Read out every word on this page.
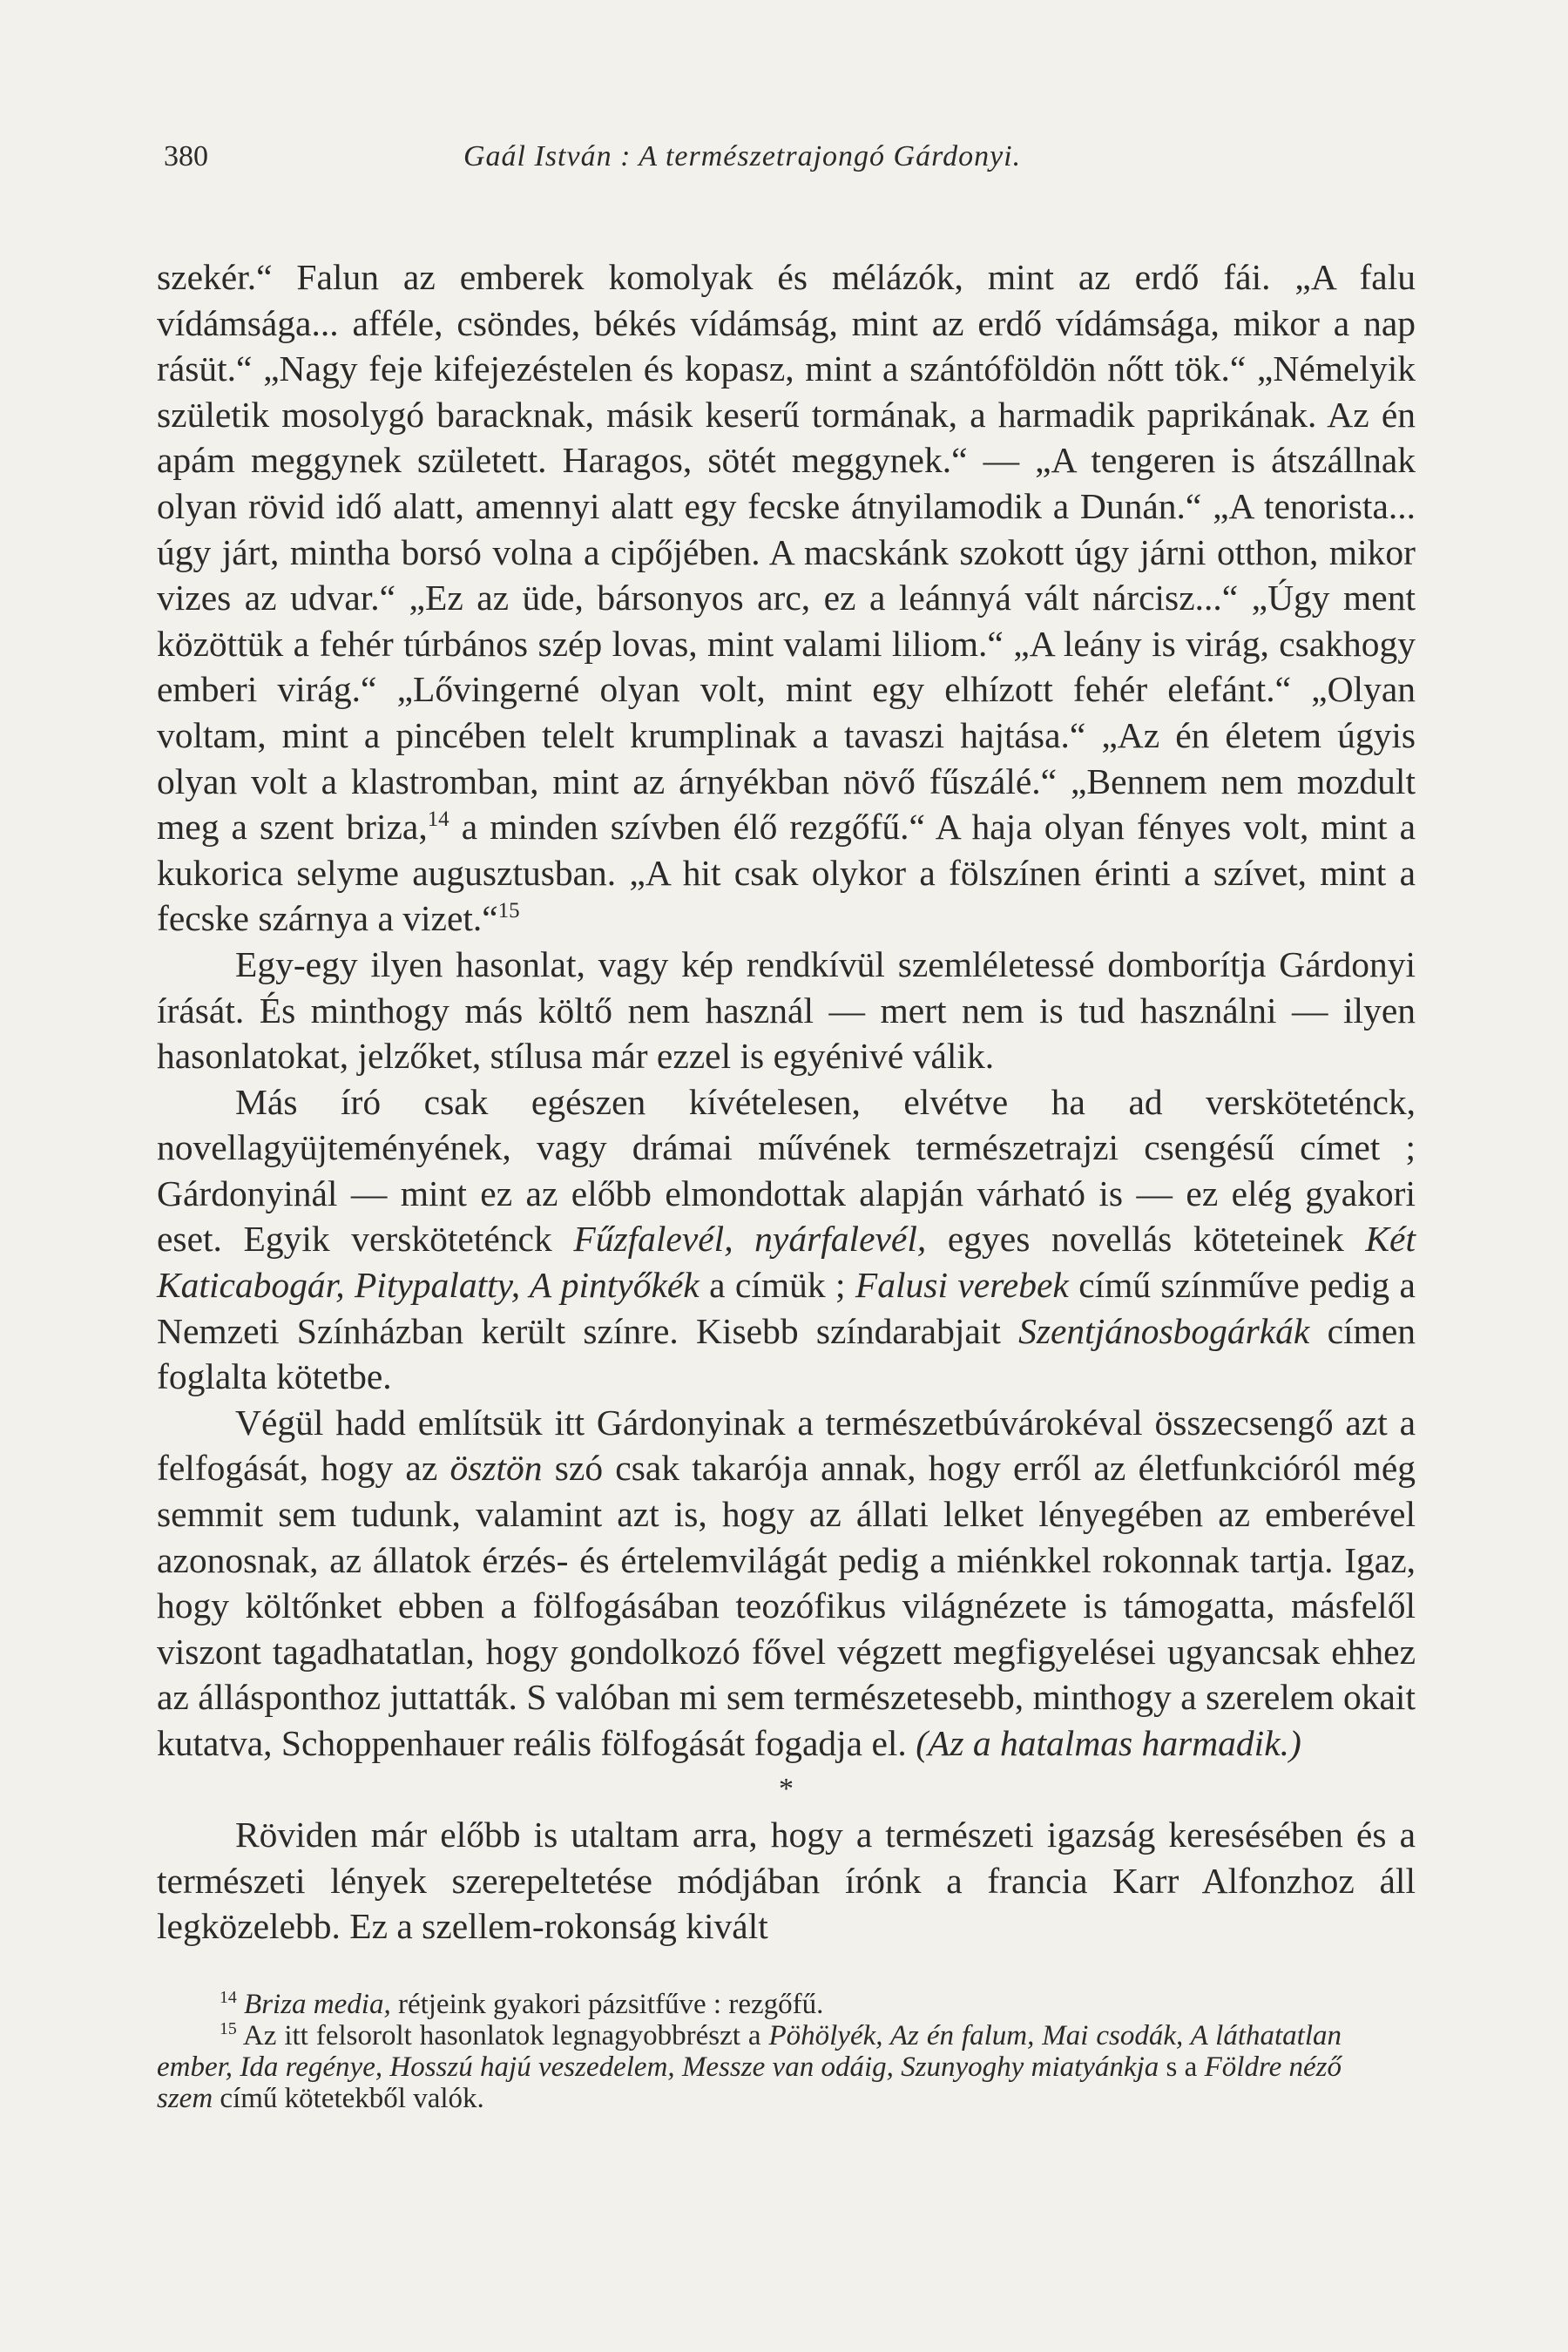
380	Gaál István : A természetrajongó Gárdonyi.

szekér.“ Falun az emberek komolyak és mélázók, mint az erdő fái. „A falu vídámsága... afféle, csöndes, békés vídámság, mint az erdő vídámsága, mikor a nap rásüt.“ „Nagy feje kifejezéstelen és kopasz, mint a szántóföldön nőtt tök.“ „Némelyik születik mosolygó baracknak, másik keserű tormának, a harmadik paprikának. Az én apám meggynek született. Haragos, sötét meggynek.“ — „A tengeren is átszállnak olyan rövid idő alatt, amennyi alatt egy fecske átnyilamodik a Dunán.“ „A tenorista... úgy járt, mintha borsó volna a cipőjében. A macskánk szokott úgy járni otthon, mikor vizes az udvar.“ „Ez az üde, bársonyos arc, ez a leánnyá vált nárcisz...“ „Úgy ment közöttük a fehér túrbános szép lovas, mint valami liliom.“ „A leány is virág, csakhogy emberi virág.“ „Lővingerné olyan volt, mint egy elhízott fehér elefánt.“ „Olyan voltam, mint a pincében telelt krumplinak a tavaszi hajtása.“ „Az én életem úgyis olyan volt a klastromban, mint az árnyékban növő fűszálé.“ „Bennem nem mozdult meg a szent briza,$^{14}$ a minden szívben élő rezgőfű.“ A haja olyan fényes volt, mint a kukorica selyme augusztusban. „A hit csak olykor a fölszínen érinti a szívet, mint a fecske szárnya a vizet.“$^{15}$

Egy-egy ilyen hasonlat, vagy kép rendkívül szemléletessé domborítja Gárdonyi írását. És minthogy más költő nem használ — mert nem is tud használni — ilyen hasonlatokat, jelzőket, stílusa már ezzel is egyénivé válik.

Más író csak egészen kívételesen, elvétve ha ad versköteténck, novellagyüjteményének, vagy drámai művének természetrajzi csengésű címet ; Gárdonyinál — mint ez az előbb elmondottak alapján várható is — ez elég gyakori eset. Egyik versköteténck Fűzfalevél, nyárfalevél, egyes novellás köteteinek Két Katicabogár, Pitypalatty, A pintyőkék a címük ; Falusi verebek című színműve pedig a Nemzeti Színházban került színre. Kisebb színdarabjait Szentjánosbogárkák címen foglalta kötetbe.

Végül hadd említsük itt Gárdonyinak a természetbúvárokéval összecsengő azt a felfogását, hogy az ösztön szó csak takarója annak, hogy erről az életfunkcióról még semmit sem tudunk, valamint azt is, hogy az állati lelket lényegében az emberével azonosnak, az állatok érzés- és értelemvilágát pedig a miénkkel rokonnak tartja. Igaz, hogy költőnket ebben a fölfogásában teozófikus világnézete is támogatta, másfelől viszont tagadhatatlan, hogy gondolkozó fővel végzett megfigyelései ugyancsak ehhez az állásponthoz juttatták. S valóban mi sem természetesebb, minthogy a szerelem okait kutatva, Schoppenhauer reális fölfogását fogadja el. (Az a hatalmas harmadik.)

*

Röviden már előbb is utaltam arra, hogy a természeti igazság keresésében és a természeti lények szerepeltetése módjában írónk a francia Karr Alfonzhoz áll legközelebb. Ez a szellem-rokonság kivált

$^{14}$ Briza media, rétjeink gyakori pázsitfűve : rezgőfű.

$^{15}$ Az itt felsorolt hasonlatok legnagyobbrészt a Pöhölyék, Az én falum, Mai csodák, A láthatatlan ember, Ida regénye, Hosszú hajú veszedelem, Messze van odáig, Szunyoghy miatyánkja s a Földre néző szem című kötetekből valók.
